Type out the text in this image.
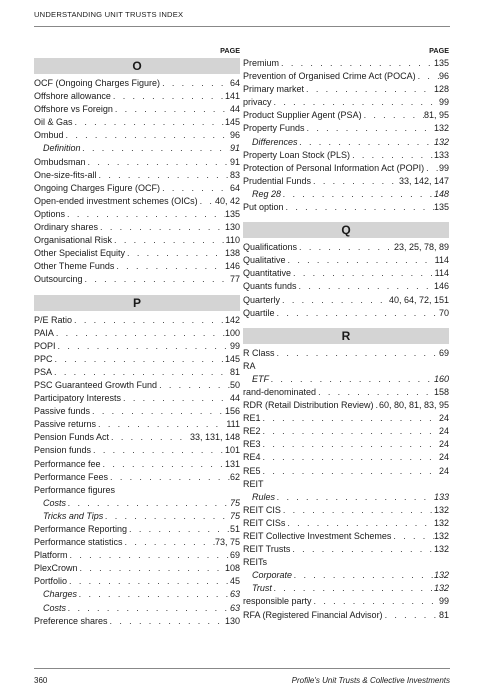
UNDERSTANDING UNIT TRUSTS INDEX
PAGE
O
OCF (Ongoing Charges Figure) . . .	64
Offshore allowance . . .	141
Offshore vs Foreign . . .	44
Oil & Gas . . .	145
Ombud . . .	96
Definition . . .	91
Ombudsman . . .	91
One-size-fits-all . . .	83
Ongoing Charges Figure (OCF) . . .	64
Open-ended investment schemes (OICs) . . . 40, 42
Options . . .	135
Ordinary shares . . .	130
Organisational Risk . . .	110
Other Specialist Equity . . .	138
Other Theme Funds . . .	146
Outsourcing . . .	77
P
P/E Ratio . . .	142
PAIA . . .	100
POPI . . .	99
PPC . . .	145
PSA . . .	81
PSC Guaranteed Growth Fund . . .	50
Participatory Interests . . .	44
Passive funds . . .	156
Passive returns . . .	111
Pension Funds Act . . .	33, 131, 148
Pension funds . . .	101
Performance fee . . .	131
Performance Fees . . .	62
Performance figures
Costs . . .	75
Tricks and Tips . . .	75
Performance Reporting . . .	51
Performance statistics . . .	73, 75
Platform . . .	69
PlexCrown . . .	108
Portfolio . . .	45
Charges . . .	63
Costs . . .	63
Preference shares . . .	130
PAGE
Premium . . .	135
Prevention of Organised Crime Act (POCA) . . .	96
Primary market . . .	128
privacy . . .	99
Product Supplier Agent (PSA) . . .	81, 95
Property Funds . . .	132
Differences . . .	132
Property Loan Stock (PLS) . . .	133
Protection of Personal Information Act (POPI) . . . 99
Prudential Funds . . .	33, 142, 147
Reg 28 . . .	148
Put option . . .	135
Q
Qualifications . . .	23, 25, 78, 89
Qualitative . . .	114
Quantitative . . .	114
Quants funds . . .	146
Quarterly . . .	40, 64, 72, 151
Quartile . . .	70
R
R Class . . .	69
RA
ETF . . .	160
rand-denominated . . .	158
RDR (Retail Distribution Review) . . . 60, 80, 81, 83, 95
RE1 . . .	24
RE2 . . .	24
RE3 . . .	24
RE4 . . .	24
RE5 . . .	24
REIT
Rules . . .	133
REIT CIS . . .	132
REIT CISs . . .	132
REIT Collective Investment Schemes . . .	132
REIT Trusts . . .	132
REITs
Corporate . . .	132
Trust . . .	132
responsible party . . .	99
RFA (Registered Financial Advisor) . . .	81
360	Profile's Unit Trusts & Collective Investments
